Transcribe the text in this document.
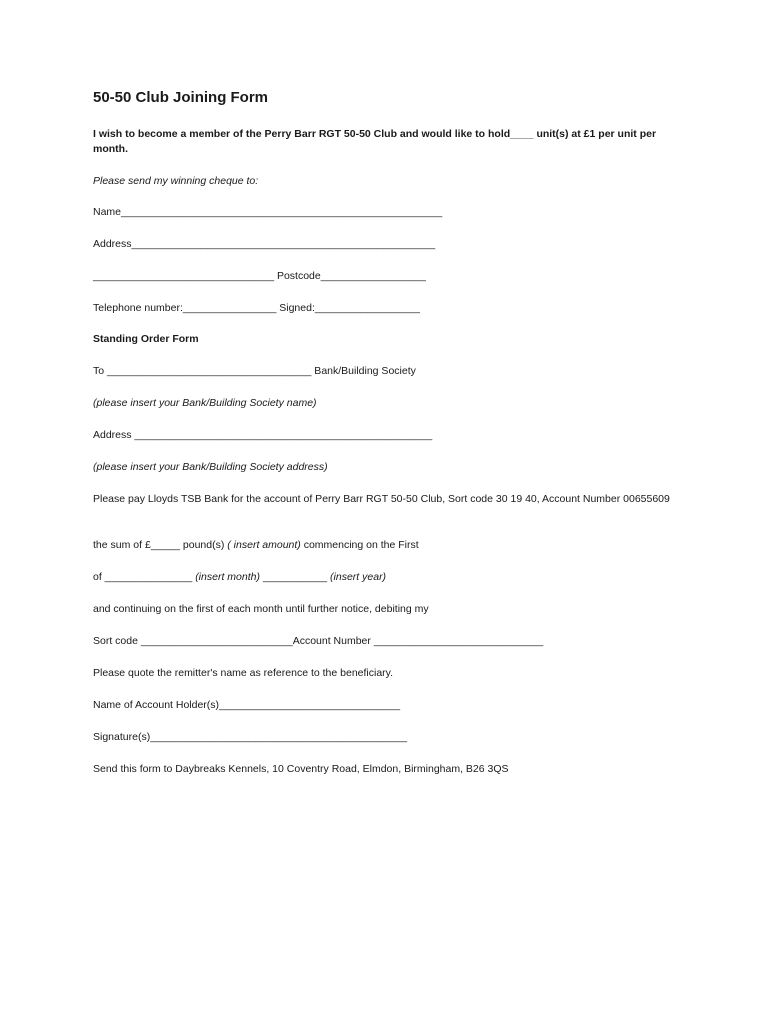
50-50 Club Joining Form

I wish to become a member of the Perry Barr RGT 50-50 Club and would like to hold____ unit(s) at £1 per unit per month.

Please send my winning cheque to:

Name_______________________________________________________

Address____________________________________________________

_______________________________ Postcode__________________

Telephone number:________________ Signed:__________________

Standing Order Form

To ___________________________________ Bank/Building Society

(please insert your Bank/Building Society name)

Address ___________________________________________________

(please insert your Bank/Building Society address)

Please pay Lloyds TSB Bank for the account of Perry Barr RGT 50-50 Club, Sort code 30 19 40, Account Number 00655609

the sum of £_____ pound(s) ( insert amount) commencing on the First

of _______________ (insert month) ___________ (insert year)

and continuing on the first of each month until further notice, debiting my

Sort code __________________________Account Number _____________________________

Please quote the remitter's name as reference to the beneficiary.

Name of Account Holder(s)_______________________________

Signature(s)____________________________________________

Send this form to Daybreaks Kennels, 10 Coventry Road, Elmdon, Birmingham, B26 3QS
